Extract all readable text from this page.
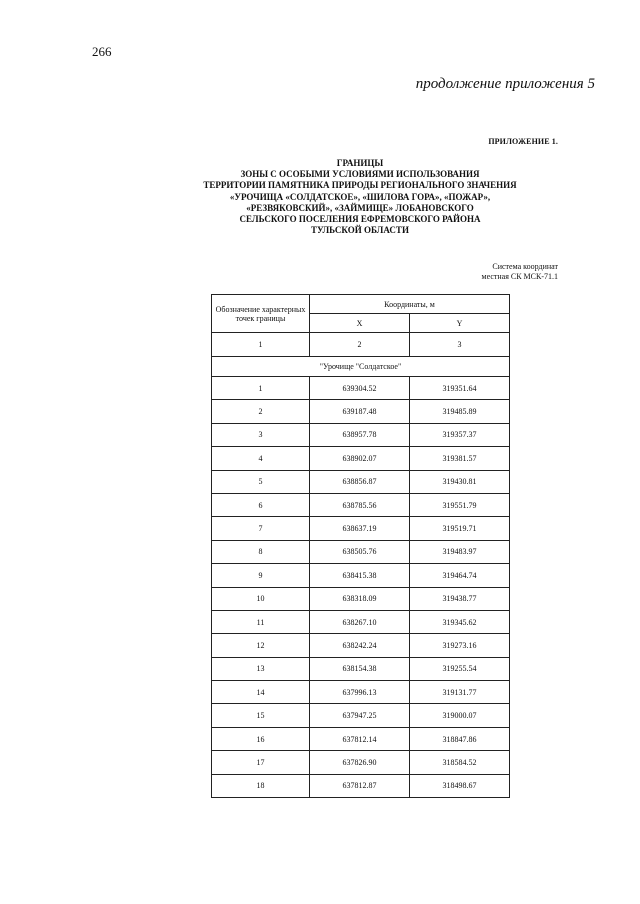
266
продолжение приложения 5
ПРИЛОЖЕНИЕ 1.
ГРАНИЦЫ
ЗОНЫ С ОСОБЫМИ УСЛОВИЯМИ ИСПОЛЬЗОВАНИЯ
ТЕРРИТОРИИ ПАМЯТНИКА ПРИРОДЫ РЕГИОНАЛЬНОГО ЗНАЧЕНИЯ
«УРОЧИЩА «СОЛДАТСКОЕ», «ШИЛОВА ГОРА», «ПОЖАР»,
«РЕЗВЯКОВСКИЙ», «ЗАЙМИЩЕ» ЛОБАНОВСКОГО
СЕЛЬСКОГО ПОСЕЛЕНИЯ ЕФРЕМОВСКОГО РАЙОНА
ТУЛЬСКОЙ ОБЛАСТИ
Система координат
местная СК МСК-71.1
Обозначение характерных точек границы	Координаты, м	
	X	Y
1	2	3
"Урочище "Солдатское"		
1	639304.52	319351.64
2	639187.48	319485.89
3	638957.78	319357.37
4	638902.07	319381.57
5	638856.87	319430.81
6	638785.56	319551.79
7	638637.19	319519.71
8	638505.76	319483.97
9	638415.38	319464.74
10	638318.09	319438.77
11	638267.10	319345.62
12	638242.24	319273.16
13	638154.38	319255.54
14	637996.13	319131.77
15	637947.25	319000.07
16	637812.14	318847.86
17	637826.90	318584.52
18	637812.87	318498.67
